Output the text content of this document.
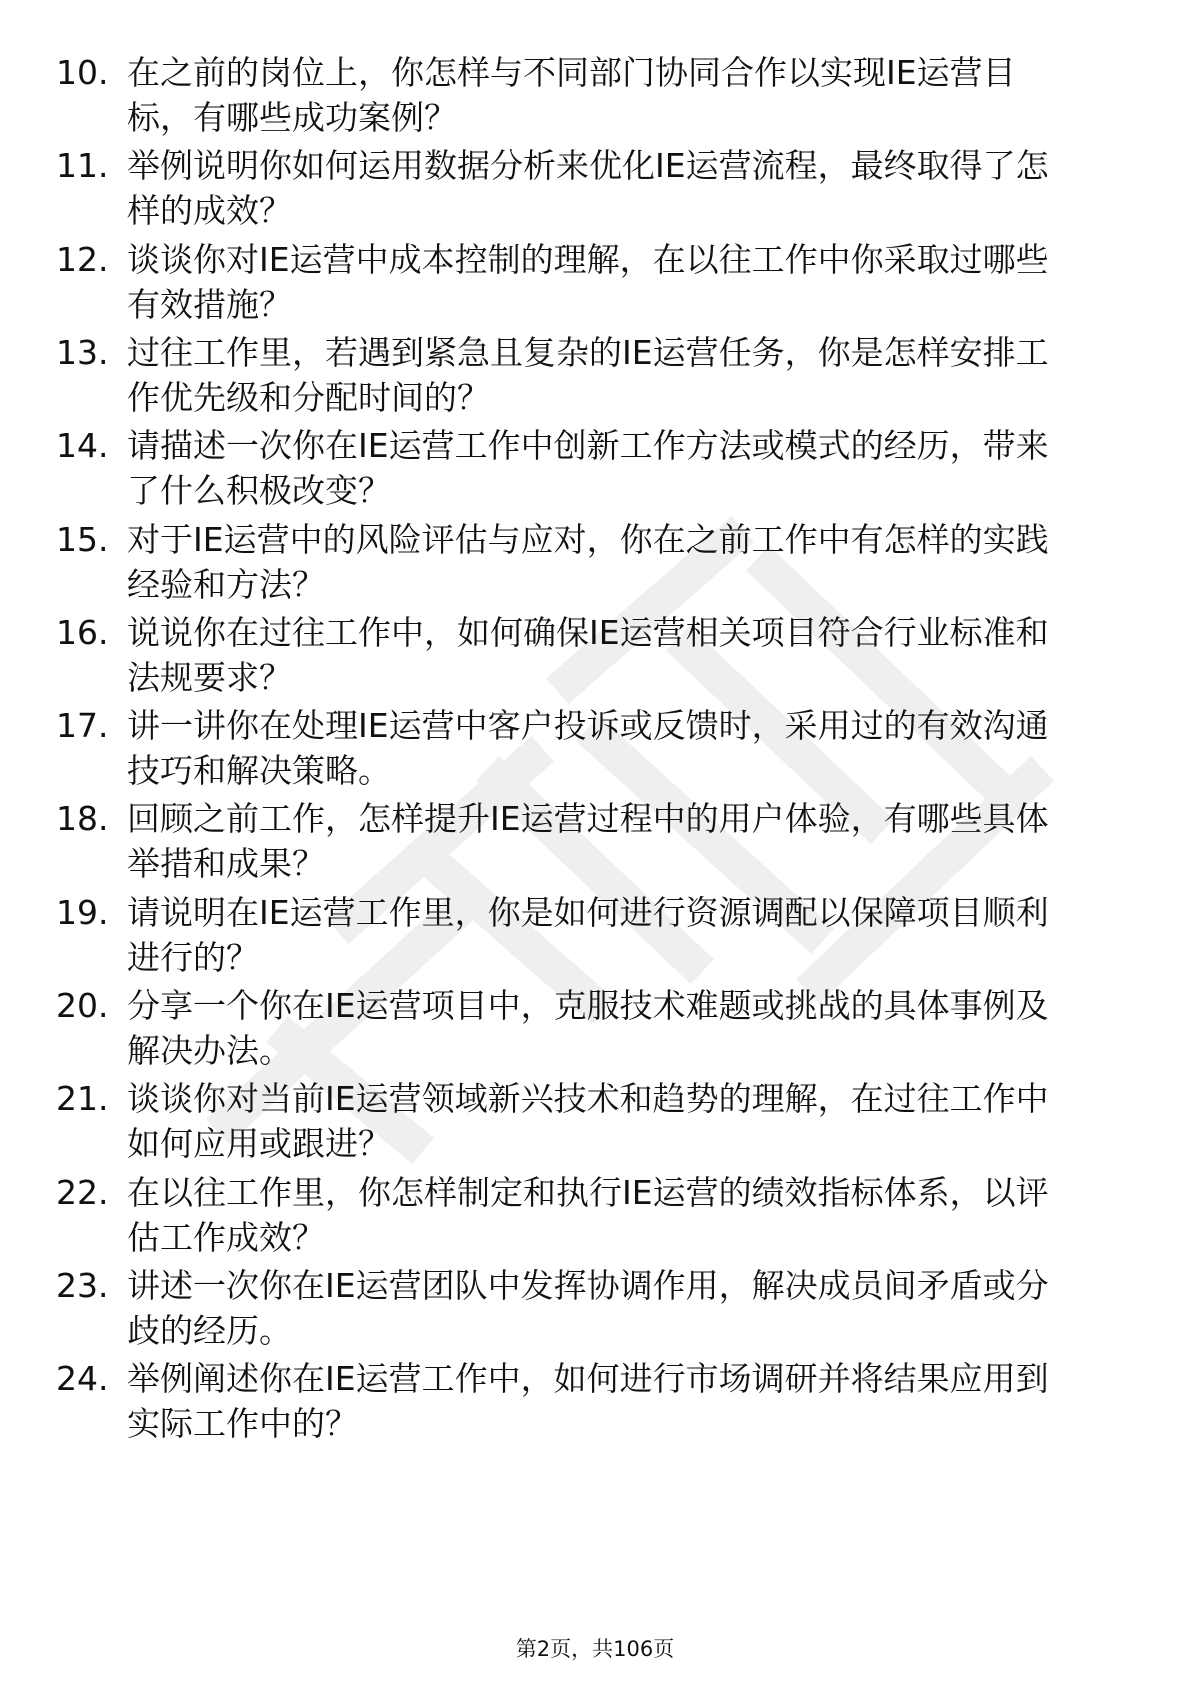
10. 在之前的岗位上，你怎样与不同部门协同合作以实现IE运营目
标，有哪些成功案例？
11. 举例说明你如何运用数据分析来优化IE运营流程，最终取得了怎
样的成效？
12. 谈谈你对IE运营中成本控制的理解，在以往工作中你采取过哪些
有效措施？
13. 过往工作里，若遇到紧急且复杂的IE运营任务，你是怎样安排工
作优先级和分配时间的？
14. 请描述一次你在IE运营工作中创新工作方法或模式的经历，带来
了什么积极改变？
15. 对于IE运营中的风险评估与应对，你在之前工作中有怎样的实践
经验和方法？
16. 说说你在过往工作中，如何确保IE运营相关项目符合行业标准和
法规要求？
17. 讲一讲你在处理IE运营中客户投诉或反馈时，采用过的有效沟通
技巧和解决策略。
18. 回顾之前工作，怎样提升IE运营过程中的用户体验，有哪些具体
举措和成果？
19. 请说明在IE运营工作里，你是如何进行资源调配以保障项目顺利
进行的？
20. 分享一个你在IE运营项目中，克服技术难题或挑战的具体事例及
解决办法。
21. 谈谈你对当前IE运营领域新兴技术和趋势的理解，在过往工作中
如何应用或跟进？
22. 在以往工作里，你怎样制定和执行IE运营的绩效指标体系，以评
估工作成效？
23. 讲述一次你在IE运营团队中发挥协调作用，解决成员间矛盾或分
歧的经历。
24. 举例阐述你在IE运营工作中，如何进行市场调研并将结果应用到
实际工作中的？
第2页，共106页
